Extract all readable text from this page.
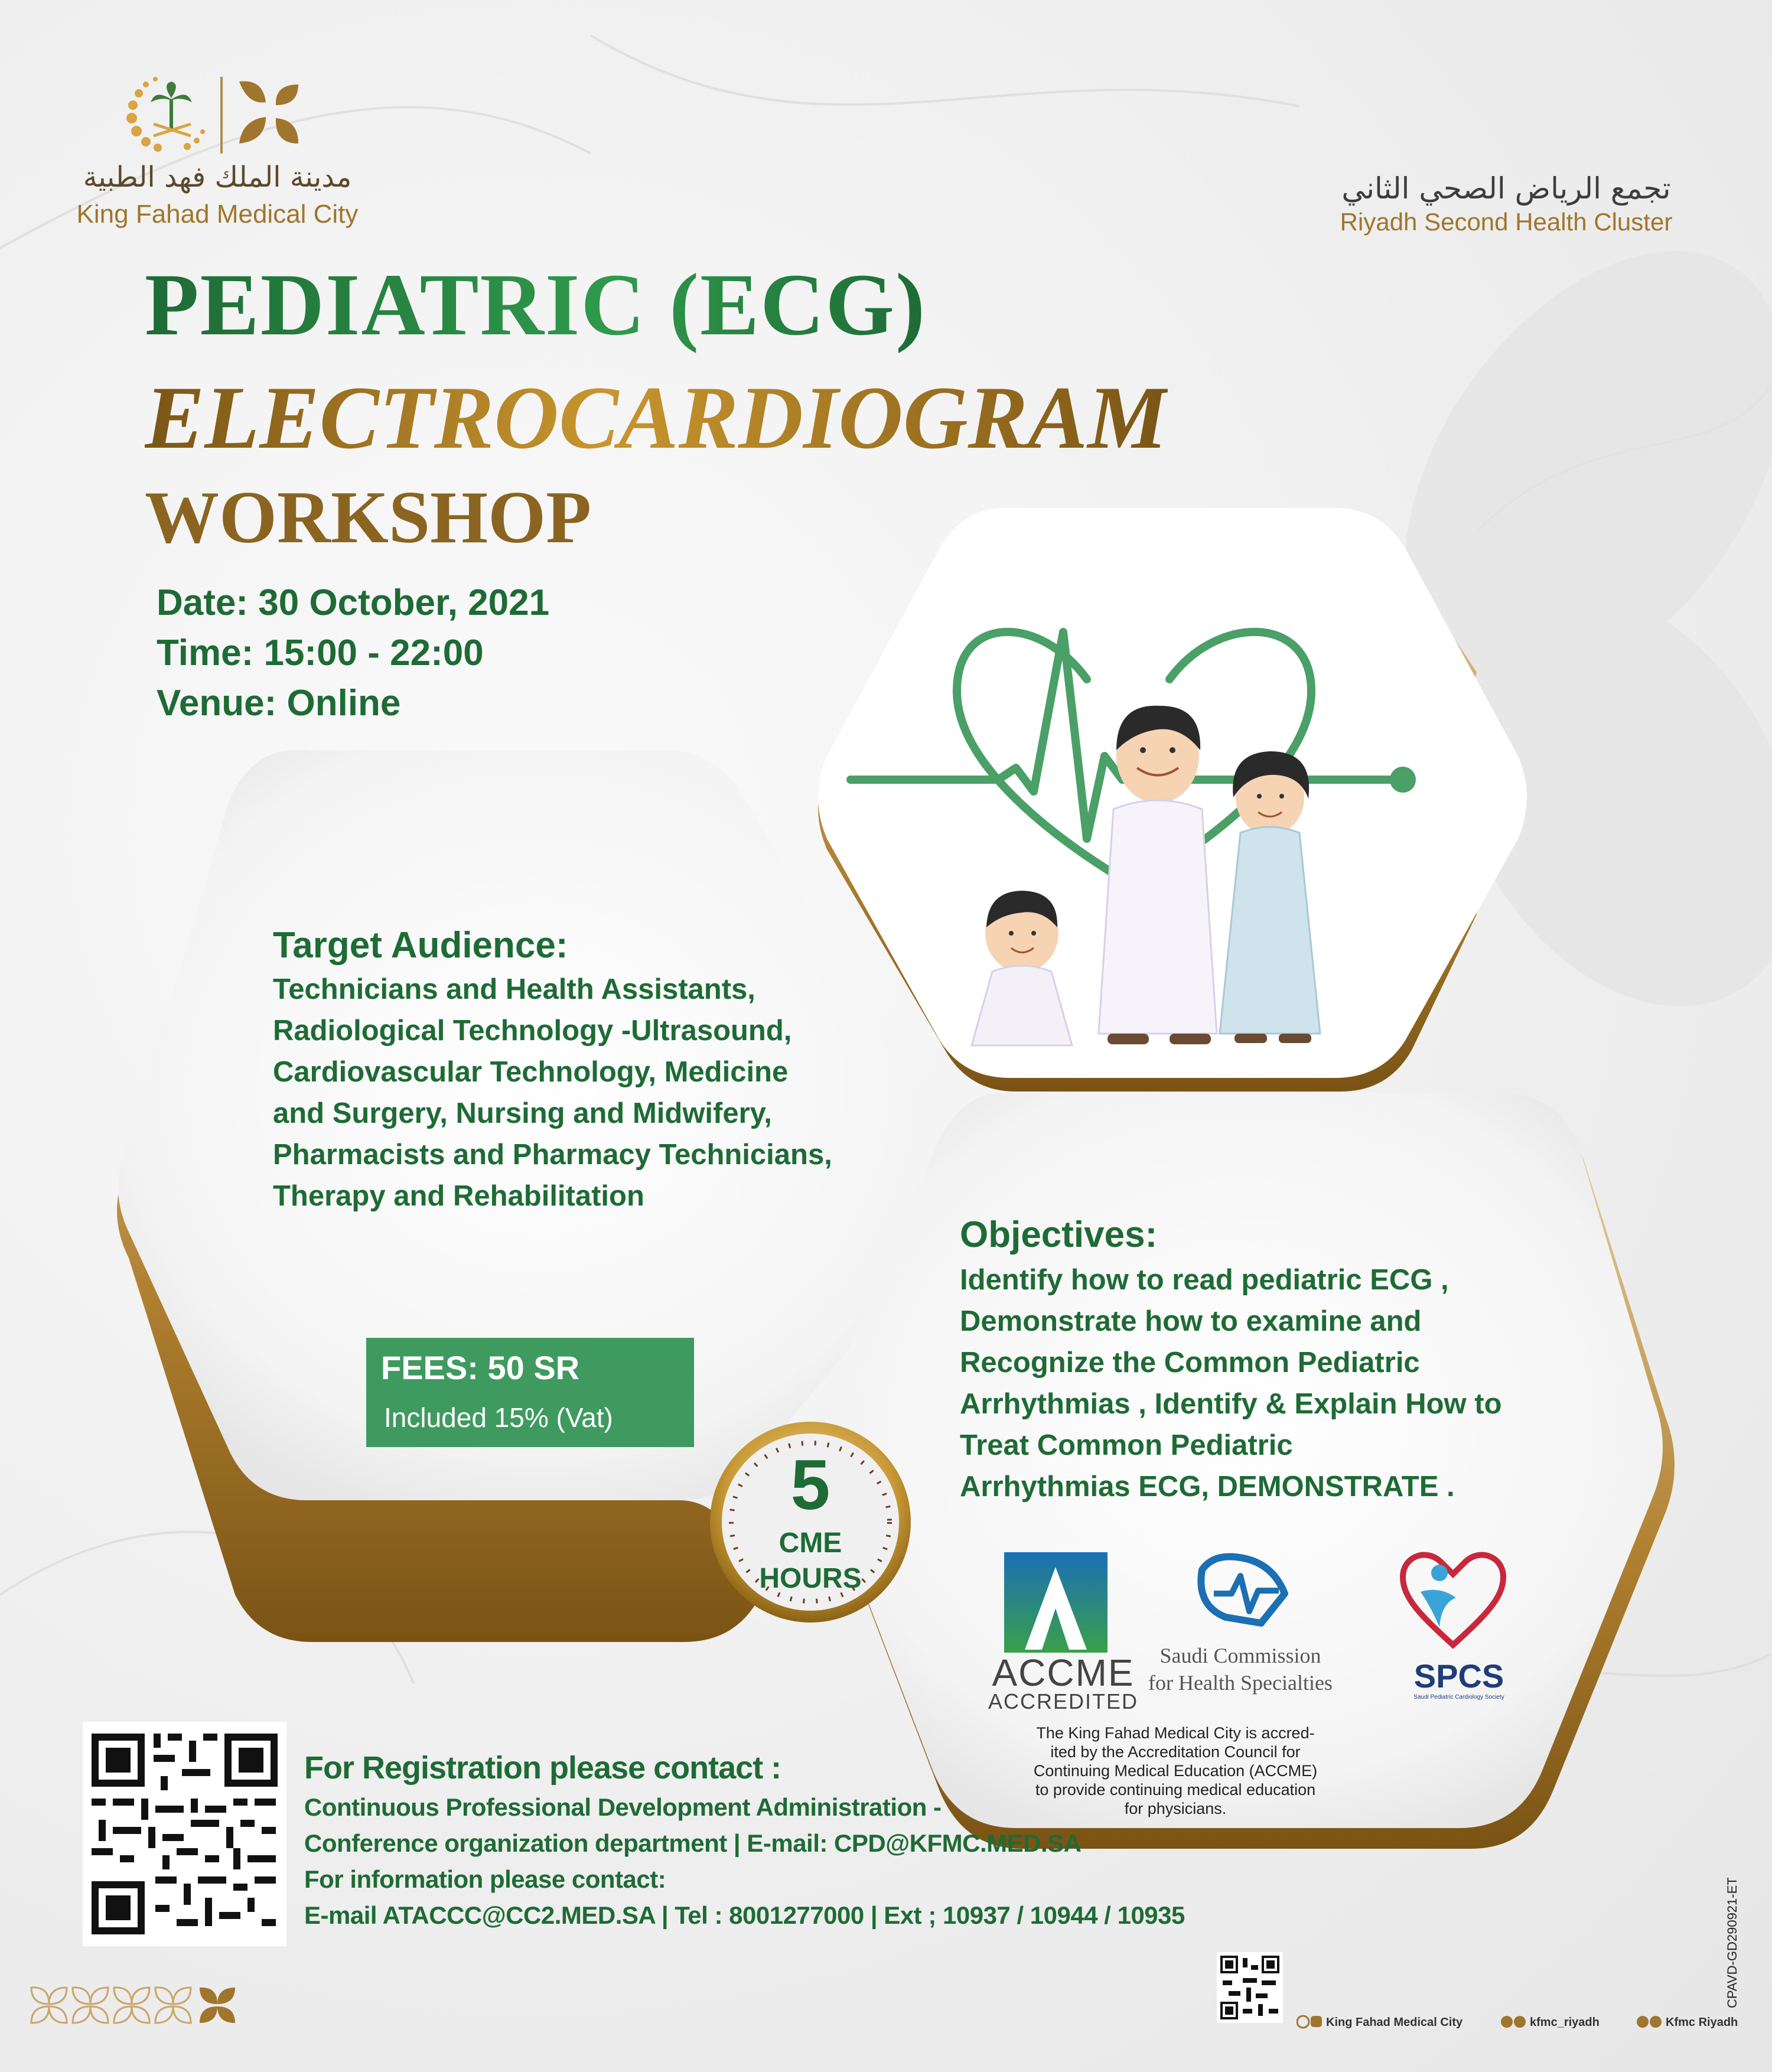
مدينة الملك فهد الطبية
King Fahad Medical City
تجمع الرياض الصحي الثاني
Riyadh Second Health Cluster
PEDIATRIC (ECG)
ELECTROCARDIOGRAM
WORKSHOP
Date: 30 October, 2021
Time: 15:00 - 22:00
Venue: Online
Target Audience:
Technicians and Health Assistants,
Radiological Technology -Ultrasound,
Cardiovascular Technology, Medicine
and Surgery, Nursing and Midwifery,
Pharmacists and Pharmacy Technicians,
Therapy and Rehabilitation
FEES: 50 SR
Included 15% (Vat)
5
CME
HOURS
Objectives:
Identify how to read pediatric ECG ,
Demonstrate how to examine and
Recognize the Common Pediatric
Arrhythmias , Identify & Explain How to
Treat Common Pediatric
Arrhythmias ECG, DEMONSTRATE .
ACCME
ACCREDITED
Saudi Commission
for Health Specialties	SPCS
Saudi Pediatric Cardiology Society
The King Fahad Medical City is accred-
ited by the Accreditation Council for
Continuing Medical Education (ACCME)
to provide continuing medical education
for physicians.
For Registration please contact :
Continuous Professional Development Administration -
Conference organization department | E-mail: CPD@KFMC.MED.SA
For information please contact:
E-mail ATACCC@CC2.MED.SA | Tel : 8001277000 | Ext ; 10937 / 10944 / 10935	CPAVD-GD290921-ET
King Fahad Medical City	kfmc_riyadh	Kfmc Riyadh
